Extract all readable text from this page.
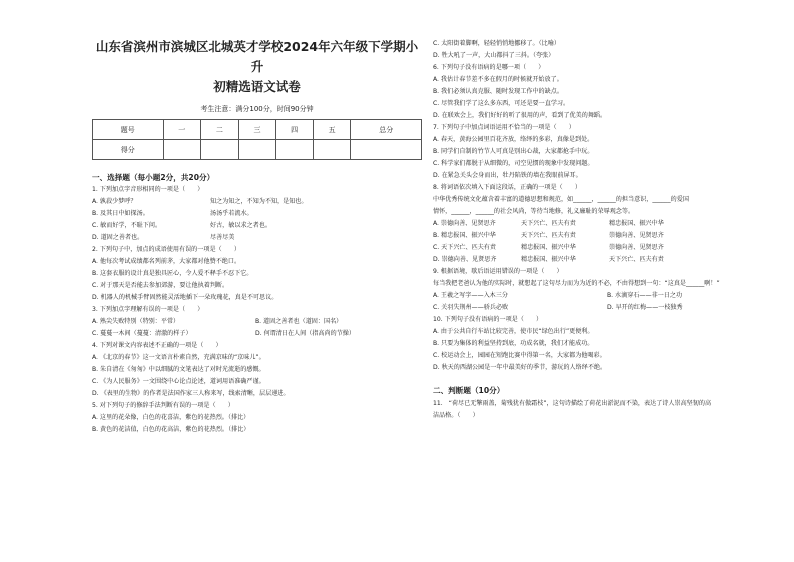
山东省滨州市滨城区北城英才学校2024年六年级下学期小升
初精选语文试卷
考生注意：满分100分，时间90分钟
题号	一	二	三	四	五	总分
得分						
一、选择题（每小题2分，共20分）
1. 下列加点字音形相同的一项是（　　）
A. 孰菽少梦呼？	知之为知之，不知为不知，是知也。
B. 及其日中如探汤。	汤汤乎若流水。
C. 敏而好学，不耻下问。	好古，敏以求之者也。
D. 道固之善者也。	尽善尽美
2. 下列句子中，加点的成语使用有误的一项是（　　）
A. 他每次考试成绩都名列前茅，大家都对他赞不绝口。
B. 这套衣服的设计真是独具匠心，令人爱不释手不忍下它。
C. 对于那天是否能去参加郊游，要让他执着判断。
D. 机器人的机械手臂固然能灵活地插下一朵玫瑰花，真是不可思议。
3. 下列加点字理解有误的一项是（　　）
A. 熟尖失败特别（特别：平常）	B. 道固之善者也（道固：国名）
C. 蔓蔓一木间（蔓蔓：清澈的样子）	D. 何谓清日在人间（指高尚的节操）
4. 下列对课文内容表述不正确的一项是（　　）
A. 《北京的春节》这一文语言朴素自然，充满京味的“京味儿”。
B. 朱自清在《匆匆》中以细腻的文笔表达了对时光流逝的感慨。
C. 《为人民服务》一文围绕中心论点论述，道词用语准确严谨。
D. 《表里的生物》的作者是法国作家三人称来写，线索清晰，层层递进。
5. 对下列句子的修辞手法判断有误的一项是（　　）
A. 这里的花朵像，白色的花喜洁，紫色的花热烈。（排比）
B. 黄色的花洁值，白色的花高洁，紫色的花热烈。（排比）
C. 太阳街着脚啊，轻轻悄悄地挪移了。（比喻）
D. 牲大吼了一声，大山都抖了三抖。（夸张）
6. 下列句子没有语病的是哪一项（　　）
A. 我估计春节差不多在假月的时候就开始放了。
B. 我们必须认真克服、随时发现工作中的缺点。
C. 尽管我们学了这么多东西，可还是要一直学习。
D. 在联欢会上，我们好好的听了很用的声，看到了优美的舞蹈。
7. 下列句子中加点词语运用不恰当的一项是（　　）
A. 春天，黄海公园里百花齐放，络绎的多彩，真像是到处。
B. 同学们自制的竹节人可真是别出心裁，大家都抢手中玩。
C. 科学家们都脱于从细微的，司空见惯的现象中发现问题。
D. 在紧急关头会身而出，牡丹陷铁的墙在我眼前屏耳。
8. 将词语依次填入下面这段话，正确的一项是（　　）
中华优秀传统文化蕴含着丰富的道德思想和规范，如______，______的担当意识，______的爱国
情怀，______，______的社会风尚，等待当地修，礼义廉耻的荣辱观念等。
A. 崇德向善、见贤思齐	天下兴亡、匹夫有责	精忠报国、振兴中华
B. 精忠报国、振兴中华	天下兴亡、匹夫有责	崇德向善、见贤思齐
C. 天下兴亡、匹夫有责	精忠报国、振兴中华	崇德向善、见贤思齐
D. 崇德向善、见贤思齐	精忠报国、振兴中华	天下兴亡、匹夫有责
9. 根据语境，歇后语运用错误的一项是（　　）
每当我把老爸认为他的实际时，就想起了这句尽力而为为近的不必，不由得想到一句：“这真是______啊！”
A. 王羲之写字——入木三分	B. 水滴穿石——非一日之功
C. 关羽失荆州——骄兵必败	D. 早开的红梅——一枝独秀
10. 下列句子没有语病的一项是（　　）
A. 由于公共自行车站比较完善，使市民“绿色出行”更便利。
B. 只要为集体的利益坚持到底，功成名就，我们才能成功。
C. 校运动会上，园园在短跑比赛中得第一名，大家都为他喝彩。
D. 秋天的西湖公园是一年中最美好的季节，游玩的人络绎不绝。
二、判断题（10分）
11.　“荷尽已无擎雨盖，菊残犹有傲霜枝”，这句诗描绘了荷花出淤泥而不染，表达了诗人崇高坚韧的高
洁品格。（　　）
